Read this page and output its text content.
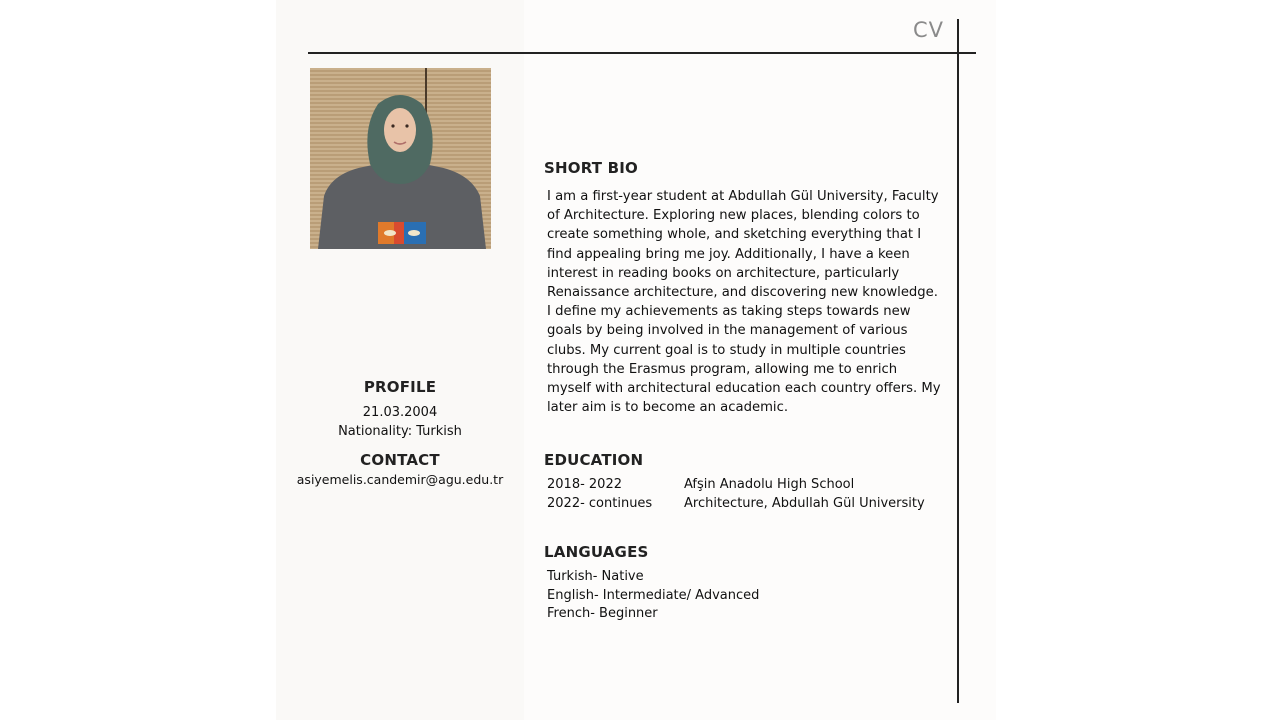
CV
PROFILE
21.03.2004
Nationality: Turkish
CONTACT
asiyemelis.candemir@agu.edu.tr
SHORT BIO
I am a first-year student at Abdullah Gül University, Faculty of Architecture. Exploring new places, blending colors to create something whole, and sketching everything that I find appealing bring me joy. Additionally, I have a keen interest in reading books on architecture, particularly Renaissance architecture, and discovering new knowledge. I define my achievements as taking steps towards new goals by being involved in the management of various clubs. My current goal is to study in multiple countries through the Erasmus program, allowing me to enrich myself with architectural education each country offers. My later aim is to become an academic.
EDUCATION
2018- 2022	Afşin Anadolu High School
2022- continues Architecture, Abdullah Gül University
LANGUAGES
Turkish- Native
English- Intermediate/ Advanced
French- Beginner
